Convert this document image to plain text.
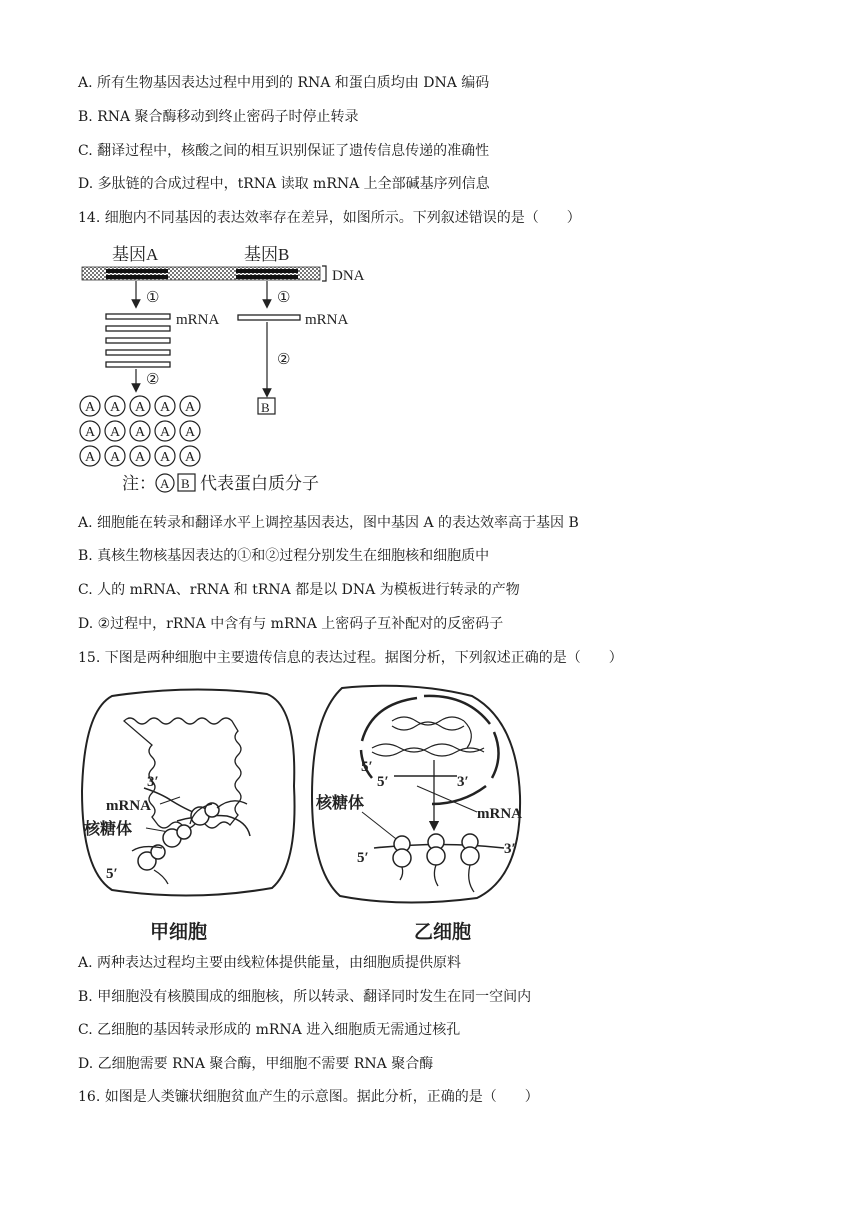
A. 所有生物基因表达过程中用到的 RNA 和蛋白质均由 DNA 编码
B. RNA 聚合酶移动到终止密码子时停止转录
C. 翻译过程中，核酸之间的相互识别保证了遗传信息传递的准确性
D. 多肽链的合成过程中，tRNA 读取 mRNA 上全部碱基序列信息
14. 细胞内不同基因的表达效率存在差异，如图所示。下列叙述错误的是（　　）
基因A	基因B
DNA
①	①
mRNA	mRNA
②
②
B
A A A A A
A A A A A
A A A A A
注： A B 代表蛋白质分子
A. 细胞能在转录和翻译水平上调控基因表达，图中基因 A 的表达效率高于基因 B
B. 真核生物核基因表达的①和②过程分别发生在细胞核和细胞质中
C. 人的 mRNA、rRNA 和 tRNA 都是以 DNA 为模板进行转录的产物
D. ②过程中，rRNA 中含有与 mRNA 上密码子互补配对的反密码子
15. 下图是两种细胞中主要遗传信息的表达过程。据图分析，下列叙述正确的是（　　）
3′
mRNA
核糖体
5′
甲细胞
5′
5′	3′
核糖体
mRNA
5′
3′
乙细胞
A. 两种表达过程均主要由线粒体提供能量，由细胞质提供原料
B. 甲细胞没有核膜围成的细胞核，所以转录、翻译同时发生在同一空间内
C. 乙细胞的基因转录形成的 mRNA 进入细胞质无需通过核孔
D. 乙细胞需要 RNA 聚合酶，甲细胞不需要 RNA 聚合酶
16. 如图是人类镰状细胞贫血产生的示意图。据此分析，正确的是（　　）
